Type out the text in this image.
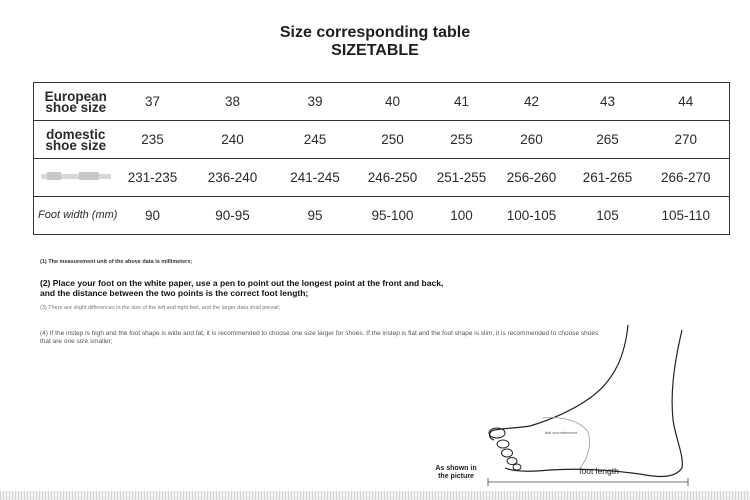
Size corresponding table
SIZETABLE
European shoe size	37	38	39	40	41	42	43	44
domestic shoe size	235	240	245	250	255	260	265	270
	231-235	236-240	241-245	246-250	251-255	256-260	261-265	266-270
Foot width (mm)	90	90-95	95	95-100	100	100-105	105	105-110
(1) The measurement unit of the above data is millimeters;
(2) Place your foot on the white paper, use a pen to point out the longest point at the front and back, and the distance between the two points is the correct foot length;
(3) There are slight differences in the size of the left and right feet, and the larger data shall prevail;
(4) If the instep is high and the foot shape is wide and fat, it is recommended to choose one size larger for shoes. If the instep is flat and the foot shape is slim, it is recommended to choose shoes that are one size smaller;
ball circumference
As shown in the picture
foot length
